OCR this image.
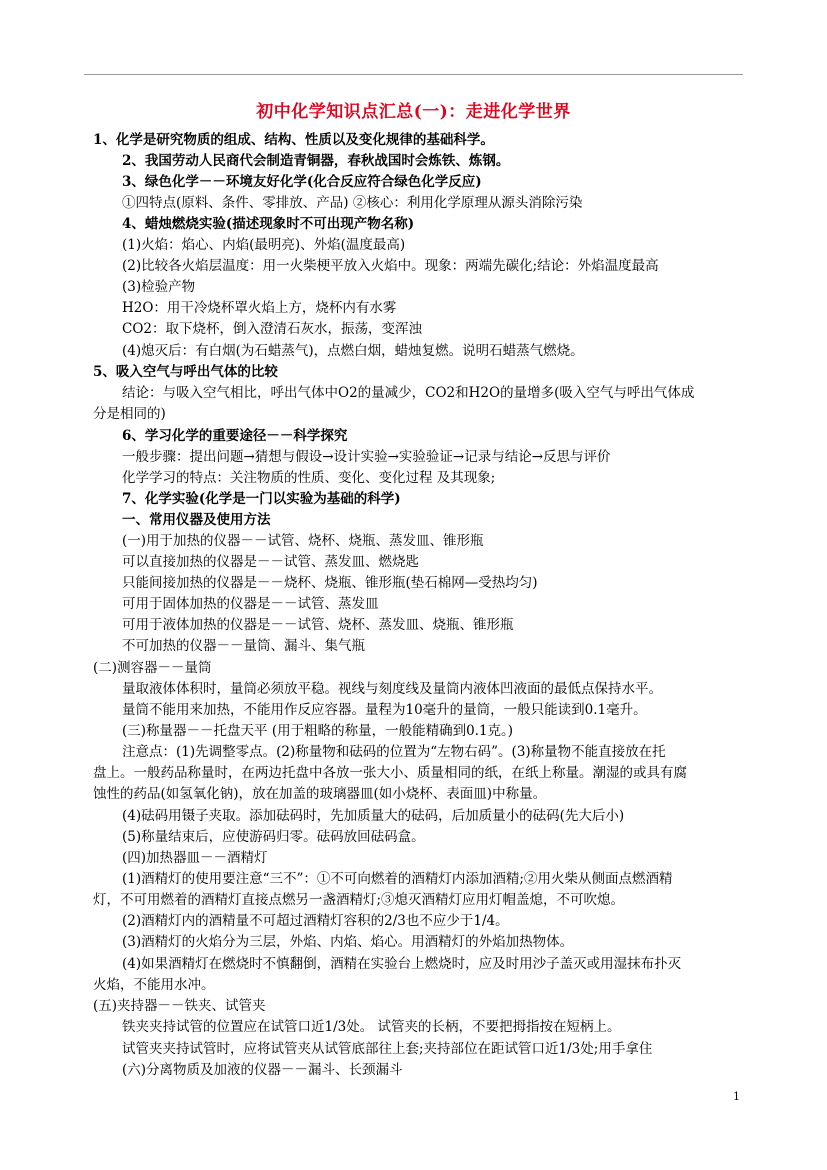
初中化学知识点汇总(一)：走进化学世界
1、化学是研究物质的组成、结构、性质以及变化规律的基础科学。
2、我国劳动人民商代会制造青铜器，春秋战国时会炼铁、炼钢。
3、绿色化学－－环境友好化学(化合反应符合绿色化学反应)
①四特点(原料、条件、零排放、产品) ②核心：利用化学原理从源头消除污染
4、蜡烛燃烧实验(描述现象时不可出现产物名称)
(1)火焰：焰心、内焰(最明亮)、外焰(温度最高)
(2)比较各火焰层温度：用一火柴梗平放入火焰中。现象：两端先碳化;结论：外焰温度最高
(3)检验产物
H2O：用干冷烧杯罩火焰上方，烧杯内有水雾
CO2：取下烧杯，倒入澄清石灰水，振荡，变浑浊
(4)熄灭后：有白烟(为石蜡蒸气)，点燃白烟，蜡烛复燃。说明石蜡蒸气燃烧。
5、吸入空气与呼出气体的比较
结论：与吸入空气相比，呼出气体中O2的量减少，CO2和H2O的量增多(吸入空气与呼出气体成
分是相同的)
6、学习化学的重要途径－－科学探究
一般步骤：提出问题→猜想与假设→设计实验→实验验证→记录与结论→反思与评价
化学学习的特点：关注物质的性质、变化、变化过程 及其现象;
7、化学实验(化学是一门以实验为基础的科学)
一、常用仪器及使用方法
(一)用于加热的仪器－－试管、烧杯、烧瓶、蒸发皿、锥形瓶
可以直接加热的仪器是－－试管、蒸发皿、燃烧匙
只能间接加热的仪器是－－烧杯、烧瓶、锥形瓶(垫石棉网—受热均匀)
可用于固体加热的仪器是－－试管、蒸发皿
可用于液体加热的仪器是－－试管、烧杯、蒸发皿、烧瓶、锥形瓶
不可加热的仪器－－量筒、漏斗、集气瓶
(二)测容器－－量筒
量取液体体积时，量筒必须放平稳。视线与刻度线及量筒内液体凹液面的最低点保持水平。
量筒不能用来加热，不能用作反应容器。量程为10毫升的量筒，一般只能读到0.1毫升。
(三)称量器－－托盘天平 (用于粗略的称量，一般能精确到0.1克。)
注意点：(1)先调整零点。(2)称量物和砝码的位置为“左物右码”。(3)称量物不能直接放在托
盘上。一般药品称量时，在两边托盘中各放一张大小、质量相同的纸，在纸上称量。潮湿的或具有腐
蚀性的药品(如氢氧化钠)，放在加盖的玻璃器皿(如小烧杯、表面皿)中称量。
(4)砝码用镊子夹取。添加砝码时，先加质量大的砝码，后加质量小的砝码(先大后小)
(5)称量结束后，应使游码归零。砝码放回砝码盒。
(四)加热器皿－－酒精灯
(1)酒精灯的使用要注意“三不”：①不可向燃着的酒精灯内添加酒精;②用火柴从侧面点燃酒精
灯，不可用燃着的酒精灯直接点燃另一盏酒精灯;③熄灭酒精灯应用灯帽盖熄，不可吹熄。
(2)酒精灯内的酒精量不可超过酒精灯容积的2/3也不应少于1/4。
(3)酒精灯的火焰分为三层，外焰、内焰、焰心。用酒精灯的外焰加热物体。
(4)如果酒精灯在燃烧时不慎翻倒，酒精在实验台上燃烧时，应及时用沙子盖灭或用湿抹布扑灭
火焰，不能用水冲。
(五)夹持器－－铁夹、试管夹
铁夹夹持试管的位置应在试管口近1/3处。 试管夹的长柄，不要把拇指按在短柄上。
试管夹夹持试管时，应将试管夹从试管底部往上套;夹持部位在距试管口近1/3处;用手拿住
(六)分离物质及加液的仪器－－漏斗、长颈漏斗
1
